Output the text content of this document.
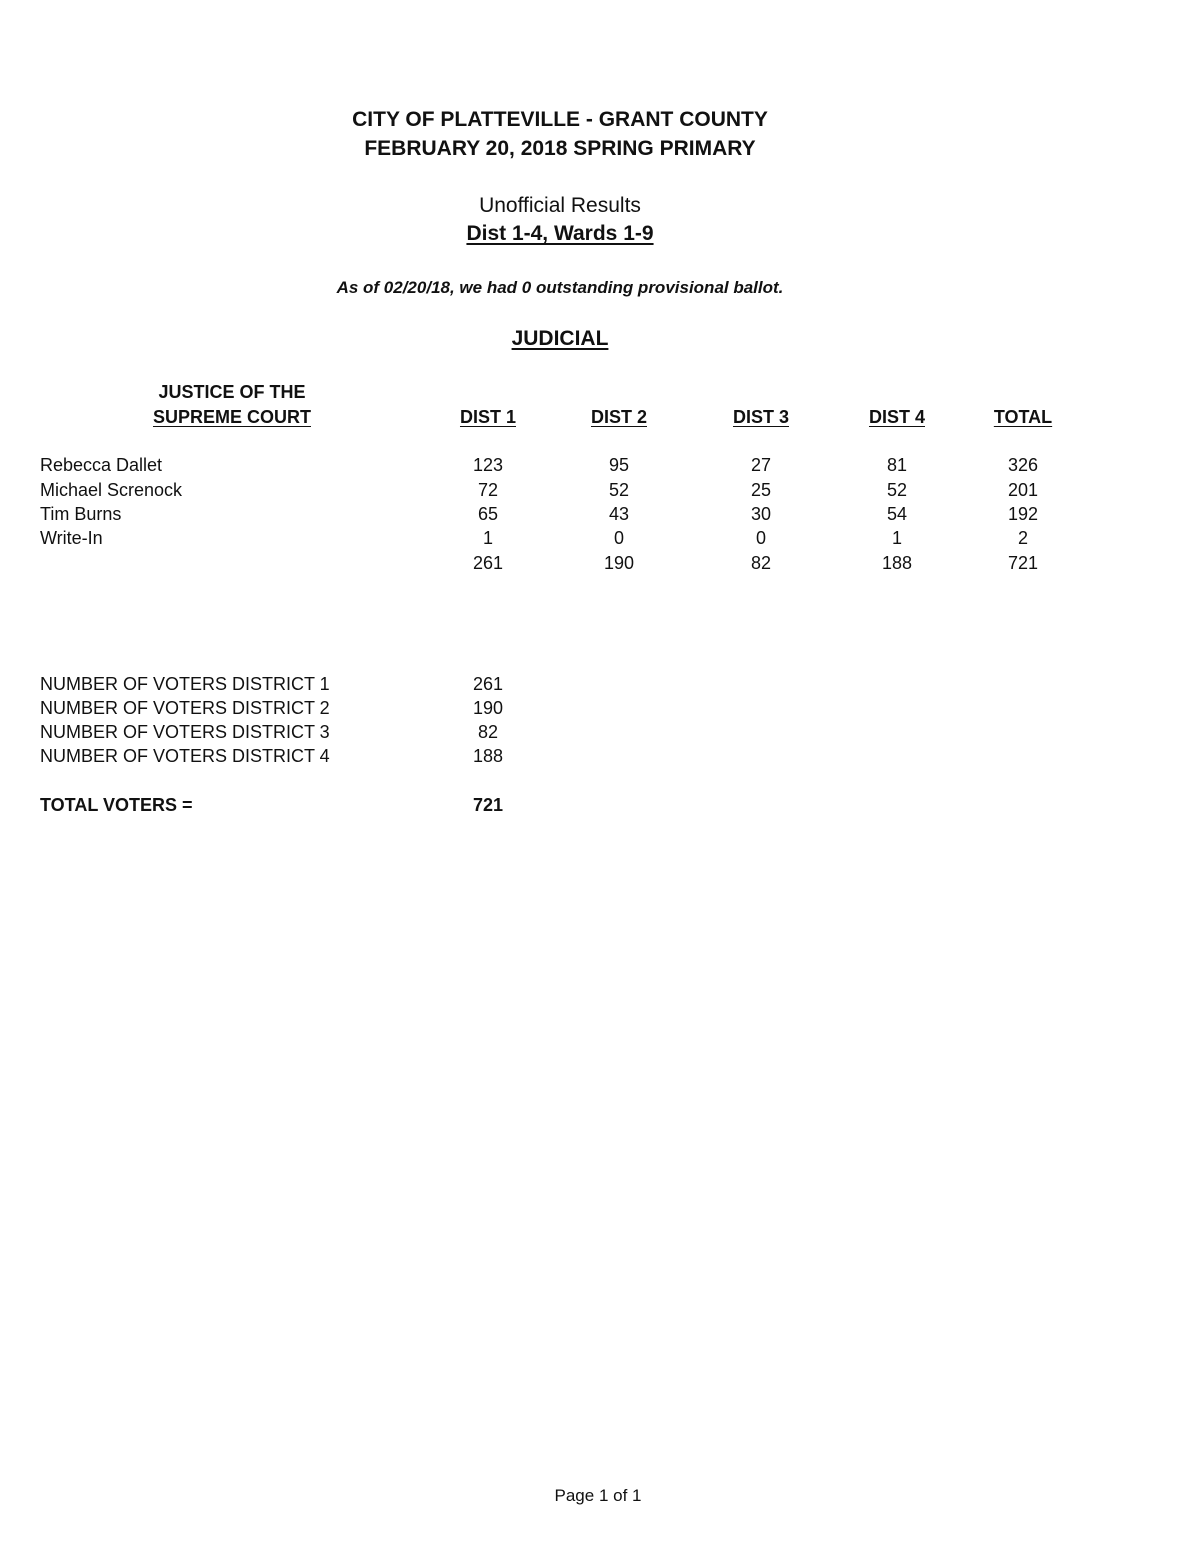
CITY OF PLATTEVILLE - GRANT COUNTY
FEBRUARY 20, 2018 SPRING PRIMARY
Unofficial Results
Dist 1-4, Wards 1-9
As of 02/20/18, we had 0 outstanding provisional ballot.
JUDICIAL
JUSTICE OF THE
SUPREME COURT	DIST 1	DIST 2	DIST 3	DIST 4	TOTAL
Rebecca Dallet	123	95	27	81	326
Michael Screnock	72	52	25	52	201
Tim Burns	65	43	30	54	192
Write-In	1	0	0	1	2
261	190	82	188	721
NUMBER OF VOTERS DISTRICT 1	261
NUMBER OF VOTERS DISTRICT 2	190
NUMBER OF VOTERS DISTRICT 3	82
NUMBER OF VOTERS DISTRICT 4	188
TOTAL VOTERS =	721
Page 1 of 1
